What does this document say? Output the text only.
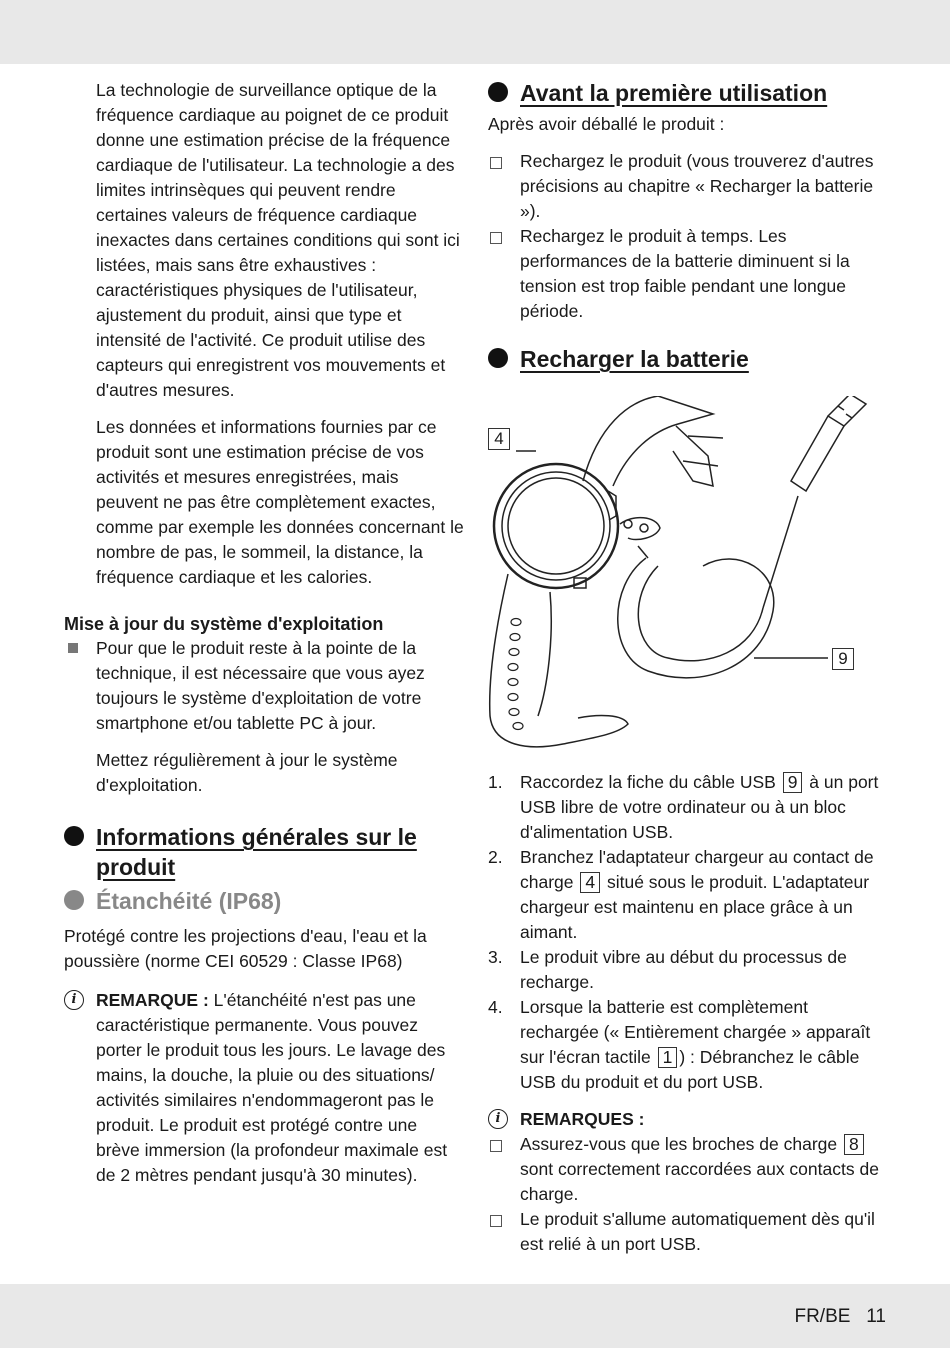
La technologie de surveillance optique de la fréquence cardiaque au poignet de ce produit donne une estimation précise de la fréquence cardiaque de l'utilisateur. La technologie a des limites intrinsèques qui peuvent rendre certaines valeurs de fréquence cardiaque inexactes dans certaines conditions qui sont ici listées, mais sans être exhaustives : caractéristiques physiques de l'utilisateur, ajustement du produit, ainsi que type et intensité de l'activité. Ce produit utilise des capteurs qui enregistrent vos mouvements et d'autres mesures.

Les données et informations fournies par ce produit sont une estimation précise de vos activités et mesures enregistrées, mais peuvent ne pas être complètement exactes, comme par exemple les données concernant le nombre de pas, le sommeil, la distance, la fréquence cardiaque et les calories.

Mise à jour du système d'exploitation

Pour que le produit reste à la pointe de la technique, il est nécessaire que vous ayez toujours le système d'exploitation de votre smartphone et/ou tablette PC à jour.

Mettez régulièrement à jour le système d'exploitation.

Informations générales sur le produit
Étanchéité (IP68)

Protégé contre les projections d'eau, l'eau et la poussière (norme CEI 60529 : Classe IP68)

i	REMARQUE : L'étanchéité n'est pas une caractéristique permanente. Vous pouvez porter le produit tous les jours. Le lavage des mains, la douche, la pluie ou des situations/ activités similaires n'endommageront pas le produit. Le produit est protégé contre une brève immersion (la profondeur maximale est de 2 mètres pendant jusqu'à 30 minutes).
Avant la première utilisation

Après avoir déballé le produit :

Rechargez le produit (vous trouverez d'autres précisions au chapitre « Recharger la batterie »).
Rechargez le produit à temps. Les performances de la batterie diminuent si la tension est trop faible pendant une longue période.
Recharger la batterie
4
9
1. Raccordez la fiche du câble USB 9 à un port USB libre de votre ordinateur ou à un bloc d'alimentation USB.
2. Branchez l'adaptateur chargeur au contact de charge 4 situé sous le produit. L'adaptateur chargeur est maintenu en place grâce à un aimant.
3. Le produit vibre au début du processus de recharge.
4. Lorsque la batterie est complètement rechargée (« Entièrement chargée » apparaît sur l'écran tactile 1 ) : Débranchez le câble USB du produit et du port USB.
i	REMARQUES :
Assurez-vous que les broches de charge 8 sont correctement raccordées aux contacts de charge.
Le produit s'allume automatiquement dès qu'il est relié à un port USB.
FR/BE   11
